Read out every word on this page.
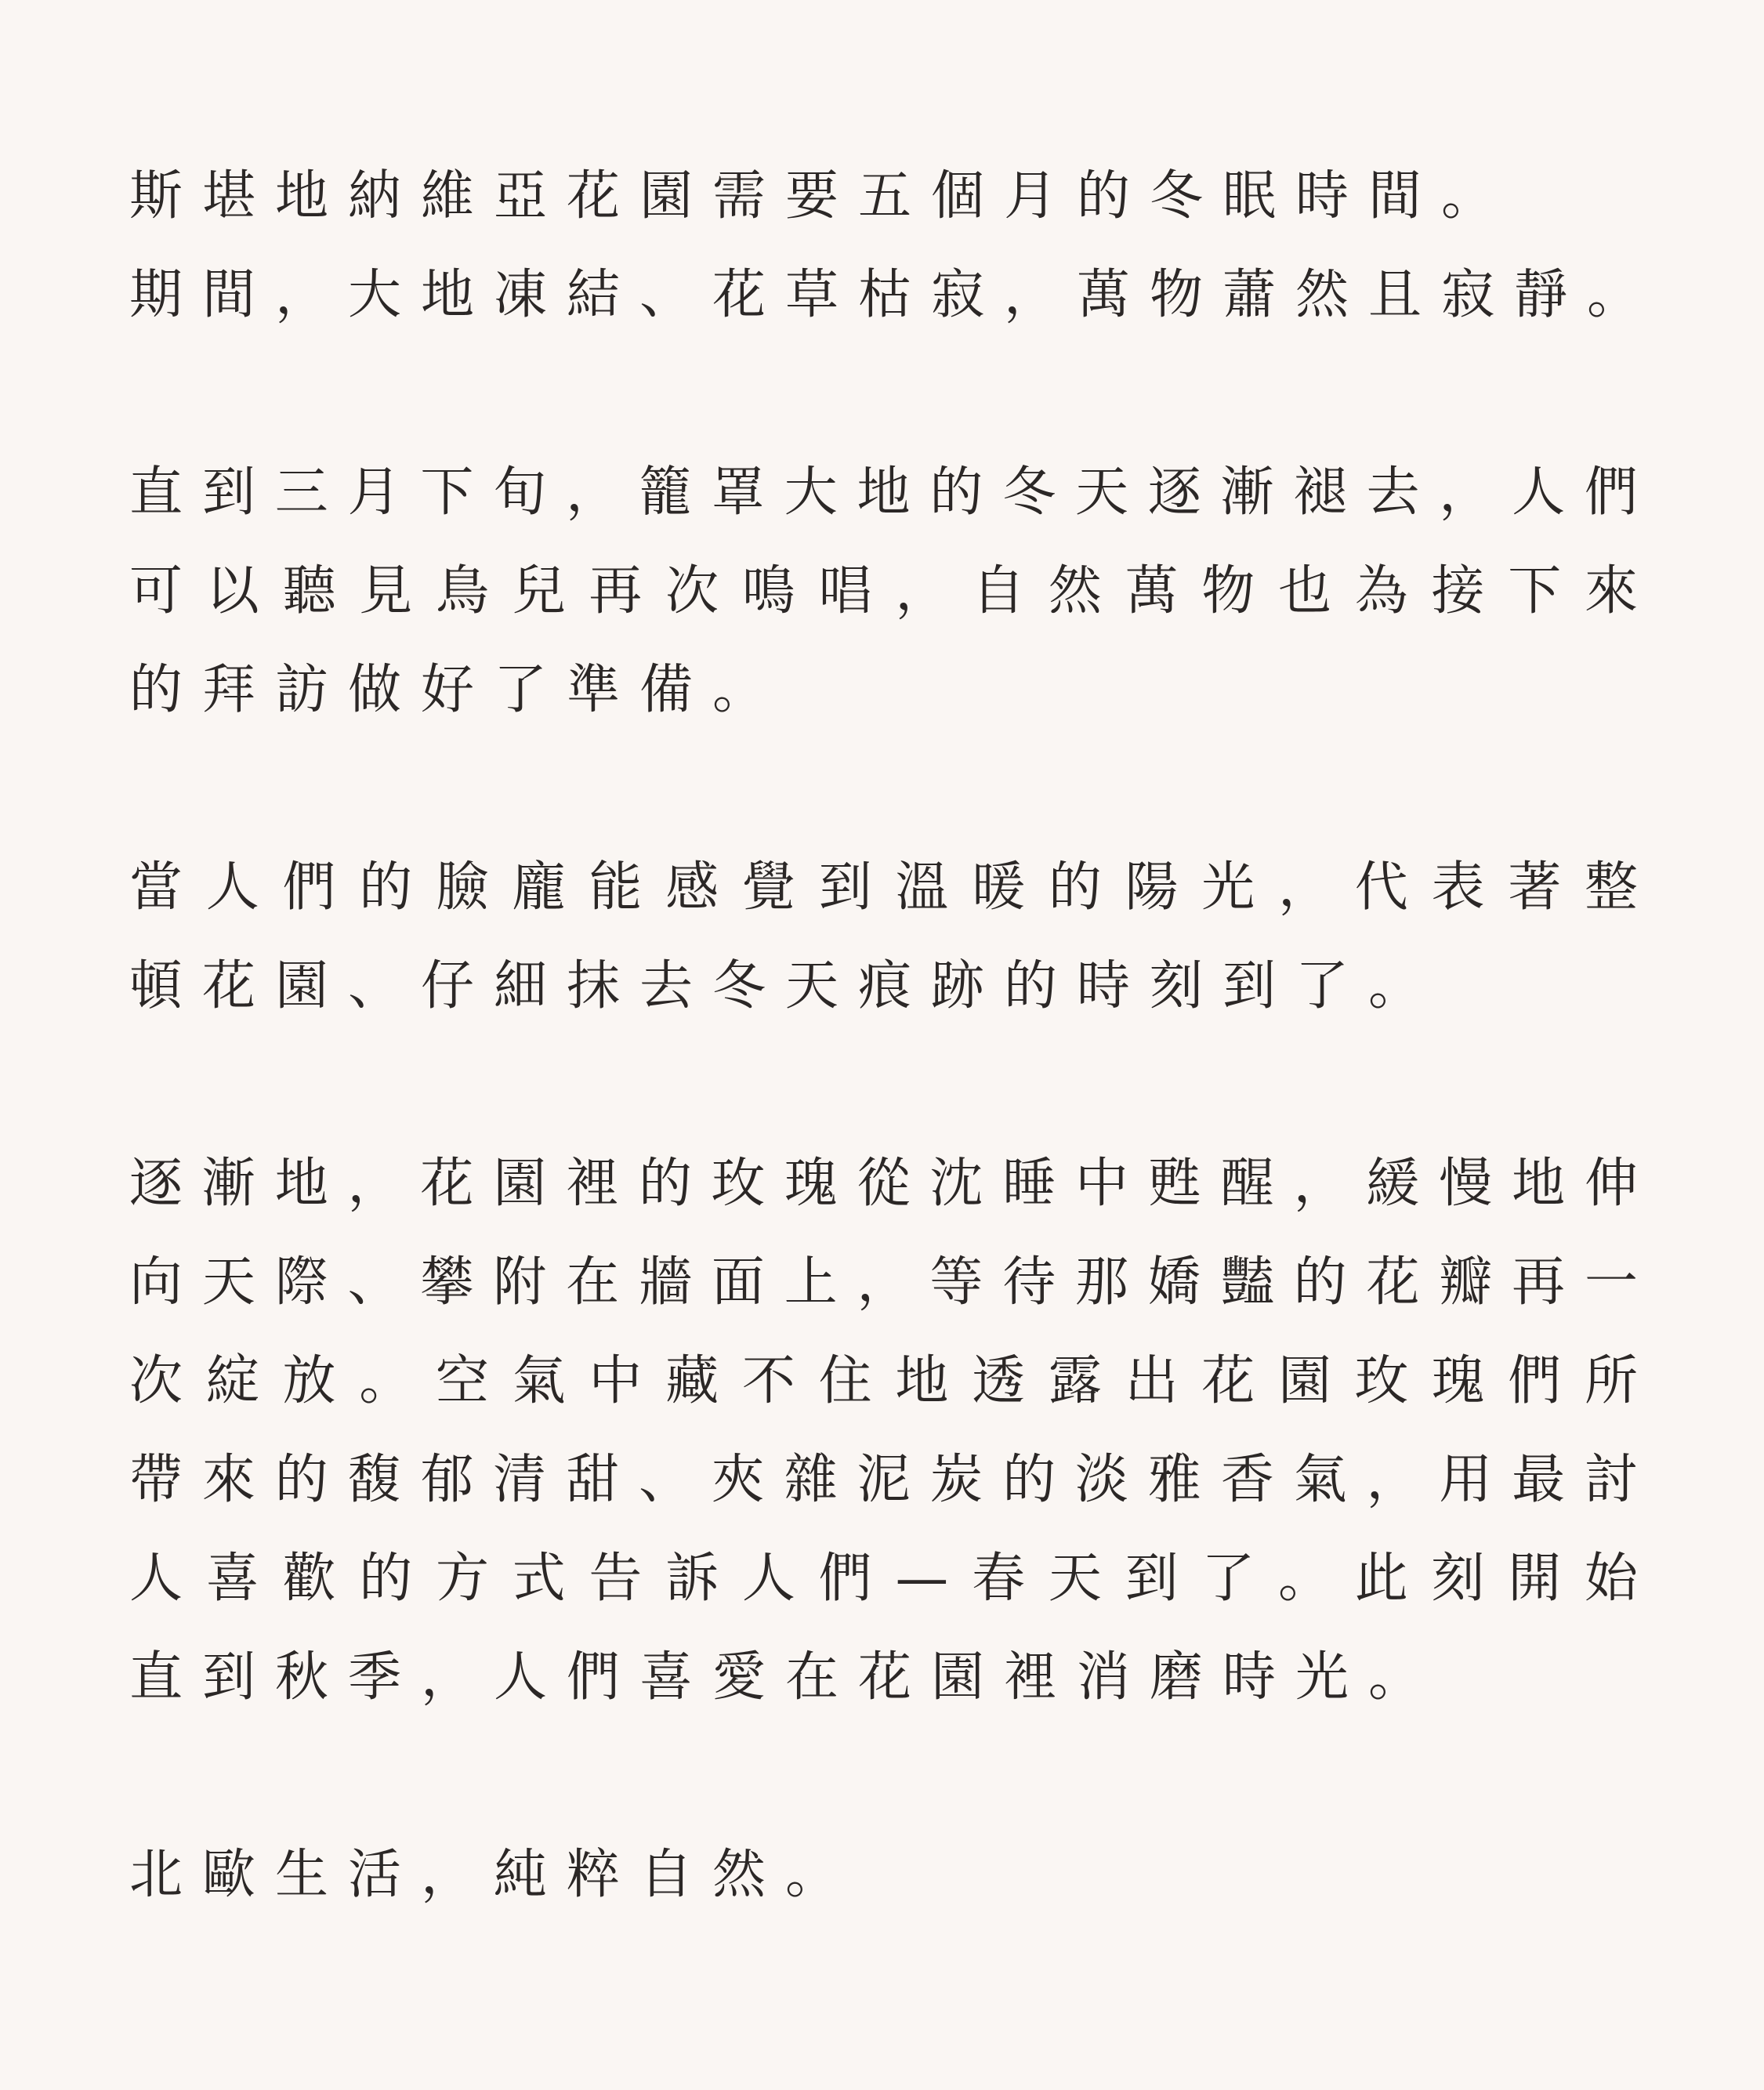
斯堪地納維亞花園需要五個月的冬眠時間。
期間，大地凍結、花草枯寂，萬物蕭然且寂靜。
直到三月下旬，籠罩大地的冬天逐漸褪去，人們
可以聽見鳥兒再次鳴唱，自然萬物也為接下來
的拜訪做好了準備。
當人們的臉龐能感覺到溫暖的陽光，代表著整
頓花園、仔細抹去冬天痕跡的時刻到了。
逐漸地，花園裡的玫瑰從沈睡中甦醒，緩慢地伸
向天際、攀附在牆面上，等待那嬌豔的花瓣再一
次綻放。空氣中藏不住地透露出花園玫瑰們所
帶來的馥郁清甜、夾雜泥炭的淡雅香氣，用最討
人喜歡的方式告訴人們—春天到了。此刻開始
直到秋季，人們喜愛在花園裡消磨時光。
北歐生活，純粹自然。
